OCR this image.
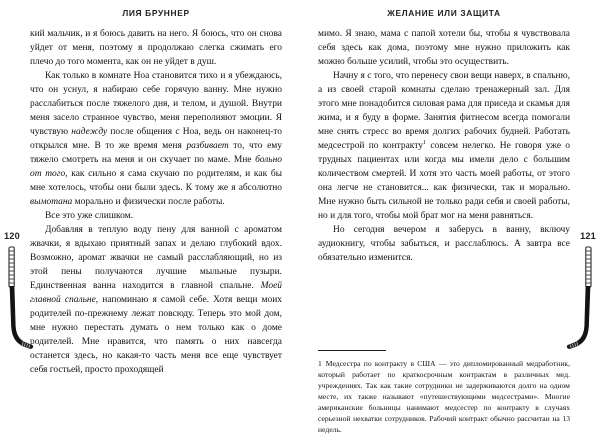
ЛИЯ БРУННЕР

кий мальчик, и я боюсь давить на него. Я боюсь, что он снова уйдет от меня, поэтому я продолжаю слегка сжимать его плечо до того момента, как он не уйдет в душ.

Как только в комнате Ноа становится тихо и я убеждаюсь, что он уснул, я набираю себе горячую ванну. Мне нужно расслабиться после тяжелого дня, и телом, и душой. Внутри меня засело странное чувство, меня переполняют эмоции. Я чувствую надежду после общения с Ноа, ведь он наконец-то открылся мне. В то же время меня разбивает то, что ему тяжело смотреть на меня и он скучает по маме. Мне больно от того, как сильно я сама скучаю по родителям, и как бы мне хотелось, чтобы они были здесь. К тому же я абсолютно вымотана морально и физически после работы.

Все это уже слишком.

Добавляя в теплую воду пену для ванной с ароматом жвачки, я вдыхаю приятный запах и делаю глубокий вдох. Возможно, аромат жвачки не самый расслабляющий, но из этой пены получаются лучшие мыльные пузыри. Единственная ванна находится в главной спальне. Моей главной спальне, напоминаю я самой себе. Хотя вещи моих родителей по-прежнему лежат повсюду. Теперь это мой дом, мне нужно перестать думать о нем только как о доме родителей. Мне нравится, что память о них навсегда останется здесь, но какая-то часть меня все еще чувствует себя гостьей, просто проходящей

120
ЖЕЛАНИЕ ИЛИ ЗАЩИТА

мимо. Я знаю, мама с папой хотели бы, чтобы я чувствовала себя здесь как дома, поэтому мне нужно приложить как можно больше усилий, чтобы это осуществить.

Начну я с того, что перенесу свои вещи наверх, в спальню, а из своей старой комнаты сделаю тренажерный зал. Для этого мне понадобится силовая рама для приседа и скамья для жима, и я буду в форме. Занятия фитнесом всегда помогали мне снять стресс во время долгих рабочих будней. Работать медсестрой по контракту$^1$ совсем нелегко. Не говоря уже о трудных пациентах или когда мы имели дело с большим количеством смертей. И хотя это часть моей работы, от этого она легче не становится... как физически, так и морально. Мне нужно быть сильной не только ради себя и своей работы, но и для того, чтобы мой брат мог на меня равняться.

Но сегодня вечером я заберусь в ванну, включу аудиокнигу, чтобы забыться, и расслаблюсь. А завтра все обязательно изменится.

121
1 Медсестра по контракту в США — это дипломированный медработник, который работает по краткосрочным контрактам в различных мед. учреждениях. Так как такие сотрудники не задерживаются долго на одном месте, их также называют «путешествующими медсестрами». Многие американские больницы нанимают медсестер по контракту в случаях серьезной нехватки сотрудников. Рабочий контракт обычно рассчитан на 13 недель.
